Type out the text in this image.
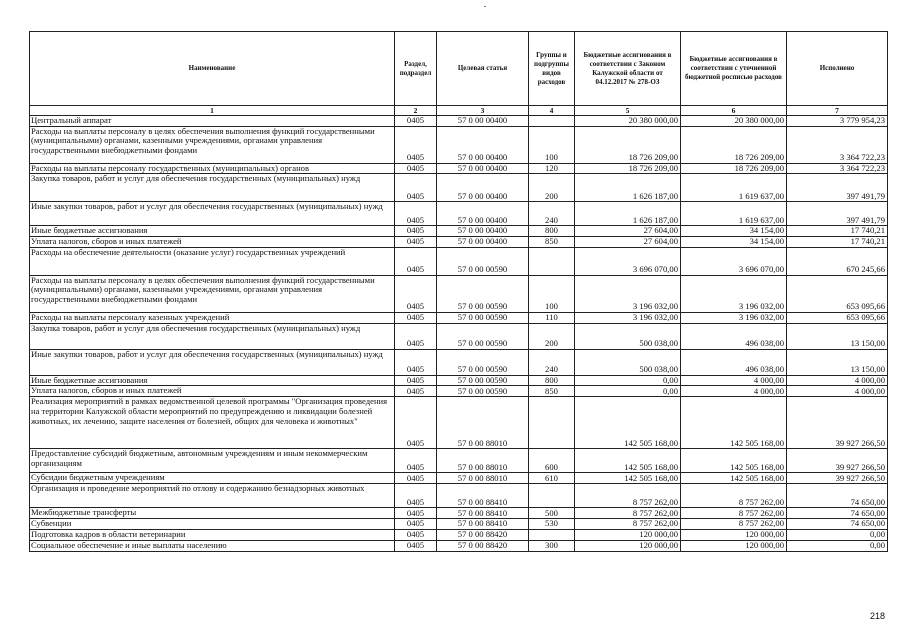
Наименование	Раздел, подраздел	Целевая статья	Группы и подгруппы видов расходов	Бюджетные ассигнования в соответствии с Законом Калужской области от 04.12.2017 № 278-ОЗ	Бюджетные ассигнования в соответствии с уточненной бюджетной росписью расходов	Исполнено
1	2	3	4	5	6	7
Центральный аппарат	0405	57 0 00 00400		20 380 000,00	20 380 000,00	3 779 954,23
Расходы на выплаты персоналу в целях обеспечения выполнения функций государственными (муниципальными) органами, казенными учреждениями, органами управления государственными внебюджетными фондами	0405	57 0 00 00400	100	18 726 209,00	18 726 209,00	3 364 722,23
Расходы на выплаты персоналу государственных (муниципальных) органов	0405	57 0 00 00400	120	18 726 209,00	18 726 209,00	3 364 722,23
Закупка товаров, работ и услуг для обеспечения государственных (муниципальных) нужд	0405	57 0 00 00400	200	1 626 187,00	1 619 637,00	397 491,79
Иные закупки товаров, работ и услуг для обеспечения государственных (муниципальных) нужд	0405	57 0 00 00400	240	1 626 187,00	1 619 637,00	397 491,79
Иные бюджетные ассигнования	0405	57 0 00 00400	800	27 604,00	34 154,00	17 740,21
Уплата налогов, сборов и иных платежей	0405	57 0 00 00400	850	27 604,00	34 154,00	17 740,21
Расходы на обеспечение деятельности (оказание услуг) государственных учреждений	0405	57 0 00 00590		3 696 070,00	3 696 070,00	670 245,66
Расходы на выплаты персоналу в целях обеспечения выполнения функций государственными (муниципальными) органами, казенными учреждениями, органами управления государственными внебюджетными фондами	0405	57 0 00 00590	100	3 196 032,00	3 196 032,00	653 095,66
Расходы на выплаты персоналу казенных учреждений	0405	57 0 00 00590	110	3 196 032,00	3 196 032,00	653 095,66
Закупка товаров, работ и услуг для обеспечения государственных (муниципальных) нужд	0405	57 0 00 00590	200	500 038,00	496 038,00	13 150,00
Иные закупки товаров, работ и услуг для обеспечения государственных (муниципальных) нужд	0405	57 0 00 00590	240	500 038,00	496 038,00	13 150,00
Иные бюджетные ассигнования	0405	57 0 00 00590	800	0,00	4 000,00	4 000,00
Уплата налогов, сборов и иных платежей	0405	57 0 00 00590	850	0,00	4 000,00	4 000,00
Реализация мероприятий в рамках ведомственной целевой программы "Организация проведения на территории Калужской области мероприятий по предупреждению и ликвидации болезней животных, их лечению, защите населения от болезней, общих для человека и животных"	0405	57 0 00 88010		142 505 168,00	142 505 168,00	39 927 266,50
Предоставление субсидий бюджетным, автономным учреждениям и иным некоммерческим организациям	0405	57 0 00 88010	600	142 505 168,00	142 505 168,00	39 927 266,50
Субсидии бюджетным учреждениям	0405	57 0 00 88010	610	142 505 168,00	142 505 168,00	39 927 266,50
Организация и проведение мероприятий по отлову и содержанию безнадзорных животных	0405	57 0 00 88410		8 757 262,00	8 757 262,00	74 650,00
Межбюджетные трансферты	0405	57 0 00 88410	500	8 757 262,00	8 757 262,00	74 650,00
Субвенции	0405	57 0 00 88410	530	8 757 262,00	8 757 262,00	74 650,00
Подготовка кадров в области ветеринарии	0405	57 0 00 88420		120 000,00	120 000,00	0,00
Социальное обеспечение и иные выплаты населению	0405	57 0 00 88420	300	120 000,00	120 000,00	0,00
218
